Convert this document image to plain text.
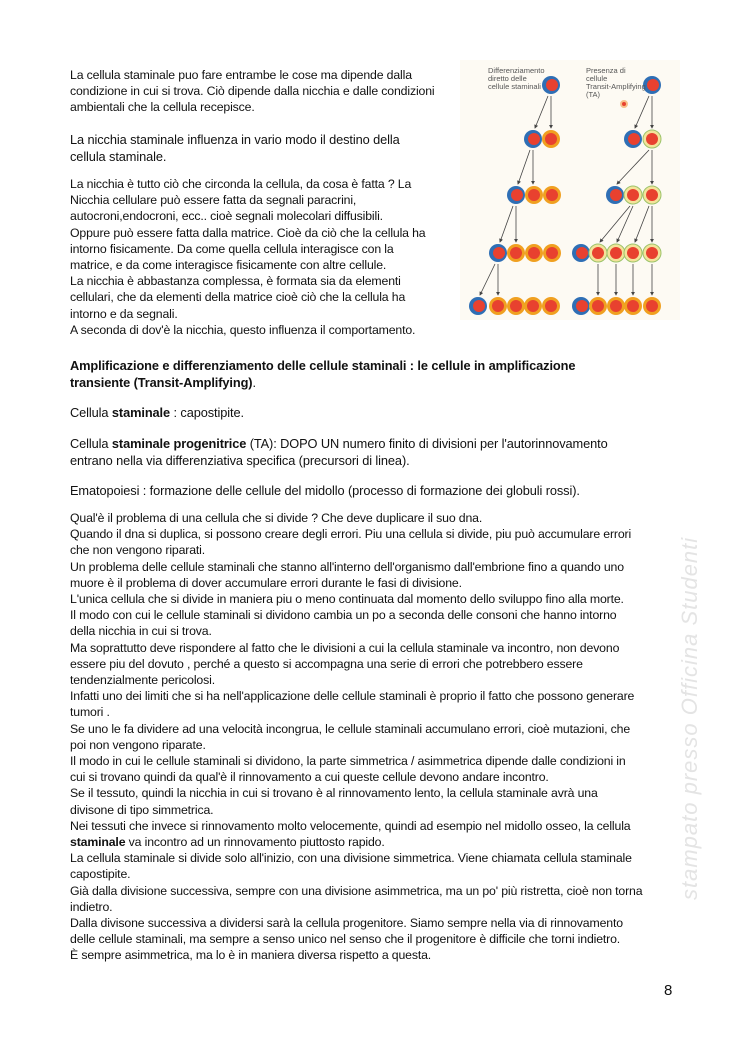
La cellula staminale puo fare entrambe le cose ma dipende dalla
condizione in cui si trova. Ciò dipende dalla nicchia e dalle condizioni
ambientali che la cellula recepisce.
La nicchia staminale influenza in vario modo il destino della
cellula staminale.
La nicchia è tutto ciò che circonda la cellula, da cosa è fatta ? La
Nicchia cellulare può essere fatta da segnali paracrini,
autocroni,endocroni, ecc.. cioè segnali molecolari diffusibili.
Oppure può essere fatta dalla matrice. Cioè da ciò che la cellula ha
intorno fisicamente. Da come quella cellula interagisce con la
matrice, e da come interagisce fisicamente con altre cellule.
La nicchia è abbastanza complessa, è formata sia da elementi
cellulari, che da elementi della matrice cioè ciò che la cellula ha
intorno e da segnali.
A seconda di dov'è la nicchia, questo influenza il comportamento.
Differenziamento diretto delle cellule staminali
Presenza di cellule Transit-Amplifying (TA)
Amplificazione e differenziamento delle cellule staminali : le cellule in amplificazione
transiente (Transit-Amplifying).
Cellula staminale : capostipite.
Cellula staminale progenitrice (TA): DOPO UN numero finito di divisioni per l'autorinnovamento
entrano nella via differenziativa specifica (precursori di linea).
Ematopoiesi : formazione delle cellule del midollo (processo di formazione dei globuli rossi).
Qual'è il problema di una cellula che si divide ? Che deve duplicare il suo dna.
Quando il dna si duplica, si possono creare degli errori. Piu una cellula si divide, piu può accumulare errori
che non vengono riparati.
Un problema delle cellule staminali che stanno all'interno dell'organismo dall'embrione fino a quando uno
muore è il problema di dover accumulare errori durante le fasi di divisione.
L'unica cellula che si divide in maniera piu o meno continuata dal momento dello sviluppo fino alla morte.
Il modo con cui le cellule staminali si dividono cambia un po a seconda delle consoni che hanno intorno
della nicchia in cui si trova.
Ma soprattutto deve rispondere al fatto che le divisioni a cui la cellula staminale va incontro, non devono
essere piu del dovuto , perché a questo si accompagna una serie di errori che potrebbero essere
tendenzialmente pericolosi.
Infatti uno dei limiti che si ha nell'applicazione delle cellule staminali è proprio il fatto che possono generare
tumori .
Se uno le fa dividere ad una velocità incongrua, le cellule staminali accumulano errori, cioè mutazioni, che
poi non vengono riparate.
Il modo in cui le cellule staminali si dividono, la parte simmetrica / asimmetrica dipende dalle condizioni in
cui si trovano quindi da qual'è il rinnovamento a cui queste cellule devono andare incontro.
Se il tessuto, quindi la nicchia in cui si trovano è al rinnovamento lento, la cellula staminale avrà una
divisone di tipo simmetrica.
Nei tessuti che invece si rinnovamento molto velocemente, quindi ad esempio nel midollo osseo, la cellula
staminale va incontro ad un rinnovamento piuttosto rapido.
La cellula staminale si divide solo all'inizio, con una divisione simmetrica. Viene chiamata cellula staminale
capostipite.
Già dalla divisione successiva, sempre con una divisione asimmetrica, ma un po' più ristretta, cioè non torna
indietro.
Dalla divisone successiva a dividersi sarà la cellula progenitore. Siamo sempre nella via di rinnovamento
delle cellule staminali, ma sempre a senso unico nel senso che il progenitore è difficile che torni indietro.
È sempre asimmetrica, ma lo è in maniera diversa rispetto a questa.
stampato presso Officina Studenti
8
